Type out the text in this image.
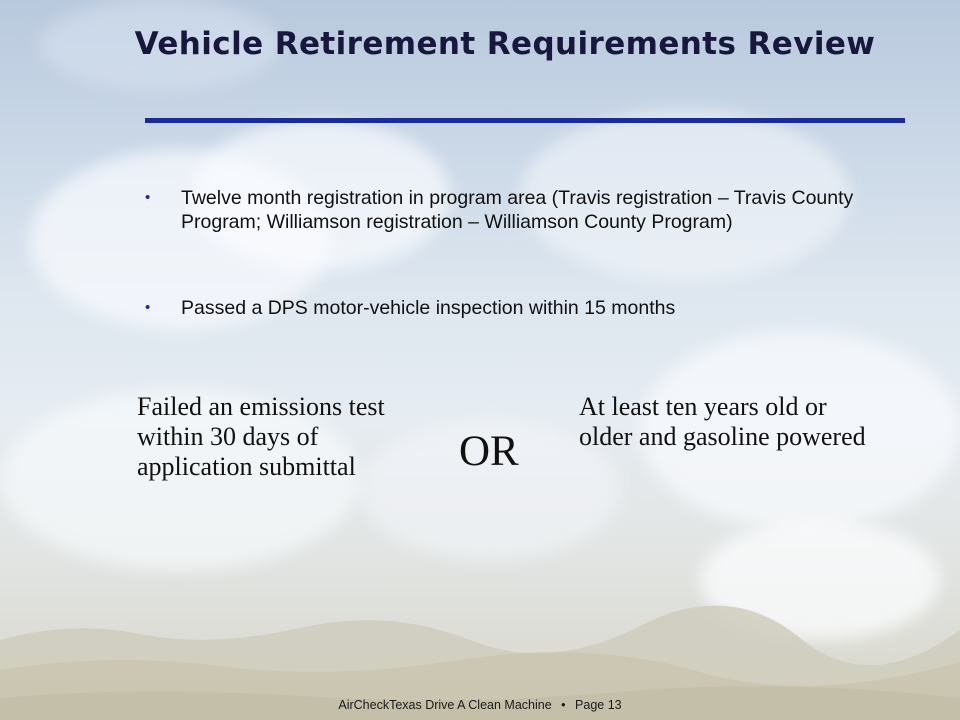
Vehicle Retirement Requirements Review
• Twelve month registration in program area (Travis registration – Travis County Program; Williamson registration – Williamson County Program)
• Passed a DPS motor-vehicle inspection within 15 months
Failed an emissions test within 30 days of application submittal	OR
At least ten years old or older and gasoline powered
AirCheckTexas Drive A Clean Machine • Page 13
